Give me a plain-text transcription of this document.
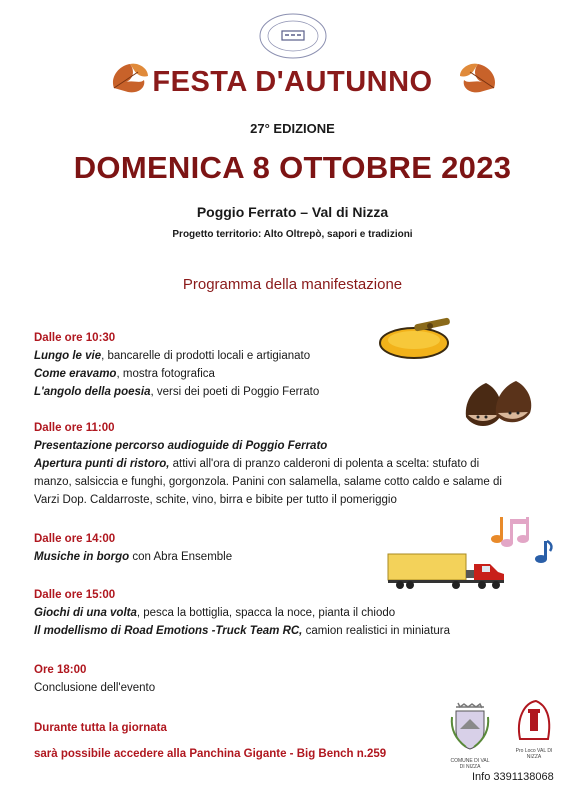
FESTA D'AUTUNNO
27° EDIZIONE
DOMENICA 8 OTTOBRE 2023
Poggio Ferrato – Val di Nizza
Progetto territorio: Alto Oltrepò, sapori e tradizioni
Programma della manifestazione
Dalle ore 10:30

Lungo le vie, bancarelle di prodotti locali e artigianato

Come eravamo, mostra fotografica

L'angolo della poesia, versi dei poeti di Poggio Ferrato

Dalle ore 11:00

Presentazione percorso audioguide di Poggio Ferrato

Apertura punti di ristoro, attivi all'ora di pranzo calderoni di polenta a scelta: stufato di

manzo, salsiccia e funghi, gorgonzola. Panini con salamella, salame cotto caldo e salame di

Varzi Dop. Caldarroste, schite, vino, birra e bibite per tutto il pomeriggio

Dalle ore 14:00

Musiche in borgo con Abra Ensemble

Dalle ore 15:00

Giochi di una volta, pesca la bottiglia, spacca la noce, pianta il chiodo

Il modellismo di Road Emotions -Truck Team RC, camion realistici in miniatura

Ore 18:00

Conclusione dell'evento

Durante tutta la giornata
sarà possibile accedere alla Panchina Gigante - Big Bench n.259
Info 3391138068
COMUNE DI VAL DI NIZZA
Pro Loco VAL DI NIZZA
